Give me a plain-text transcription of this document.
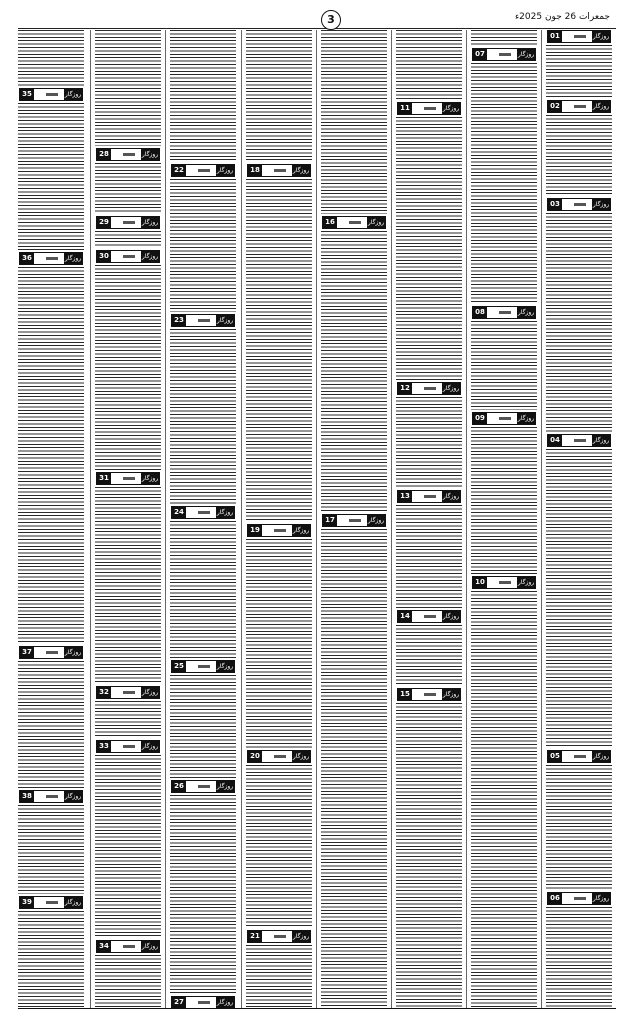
3	جمعرات 26 جون 2025ء
35	روزگار
36	روزگار
37	روزگار
38	روزگار
39	روزگار
28	روزگار
29	روزگار
30	روزگار
31	روزگار
32	روزگار
33	روزگار
34	روزگار
22	روزگار
23	روزگار
24	روزگار
25	روزگار
26	روزگار
27	روزگار
18	روزگار
19	روزگار
20	روزگار
21	روزگار
16	روزگار
17	روزگار
11	روزگار
12	روزگار
13	روزگار
14	روزگار
15	روزگار
07	روزگار
08	روزگار
09	روزگار
10	روزگار
01	روزگار
02	روزگار
03	روزگار
04	روزگار
05	روزگار
06	روزگار
